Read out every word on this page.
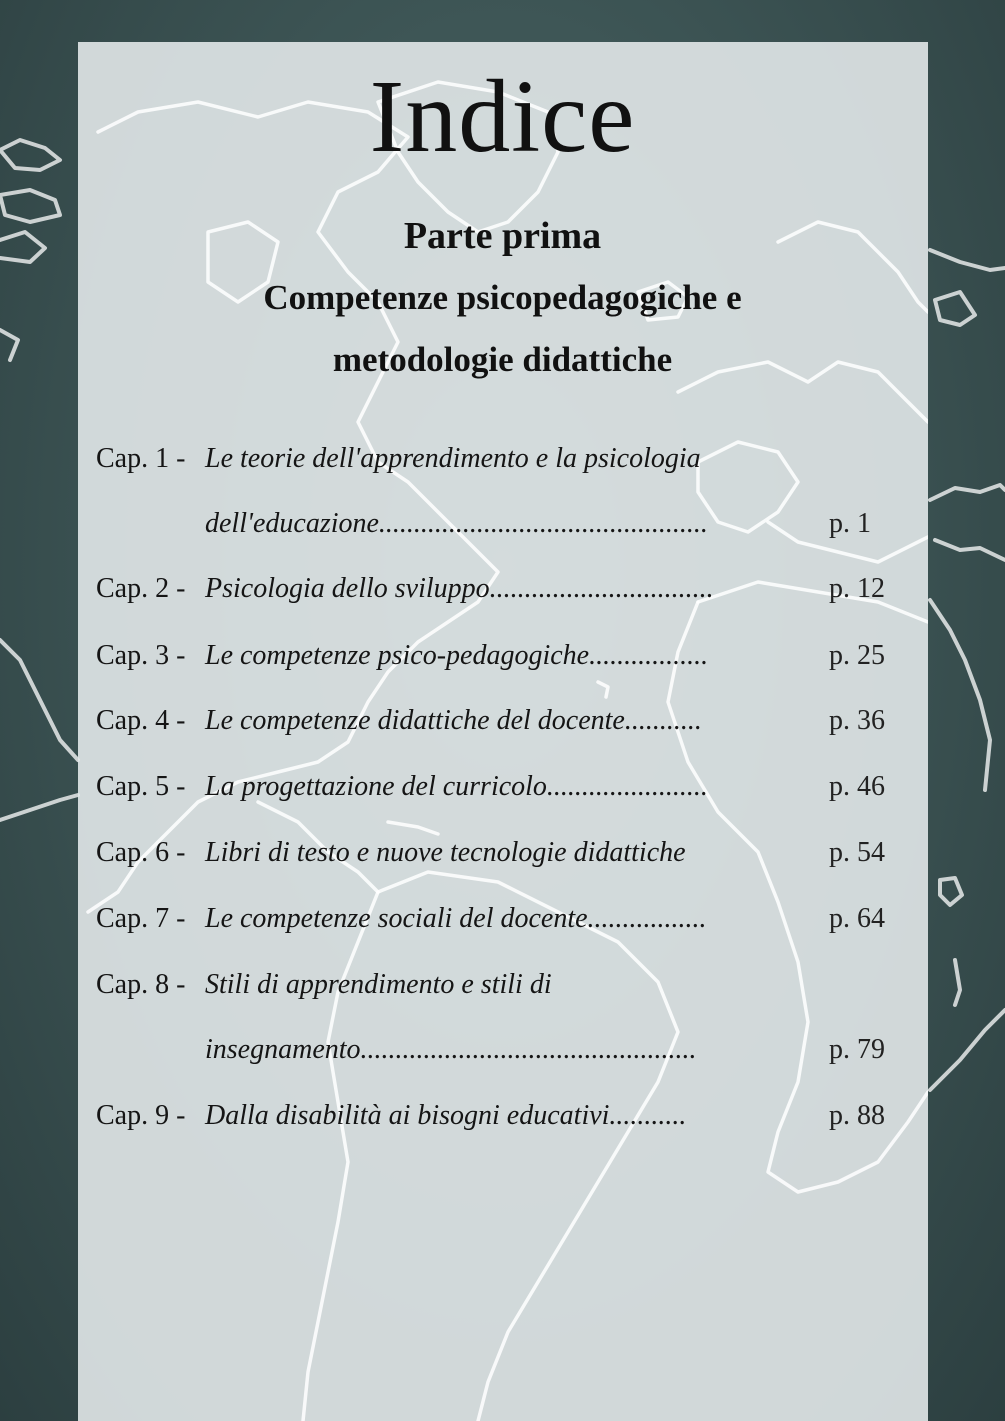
Indice
Parte prima
Competenze psicopedagogiche e
metodologie didattiche
Cap. 1 - Le teorie dell'apprendimento e la psicologia
dell'educazione...............................................	p. 1
Cap. 2 - Psicologia dello sviluppo................................	p. 12
Cap. 3 - Le competenze psico-pedagogiche.................	p. 25
Cap. 4 - Le competenze didattiche del docente...........	p. 36
Cap. 5 - La progettazione del curricolo.......................	p. 46
Cap. 6 - Libri di testo e nuove tecnologie didattiche	p. 54
Cap. 7 - Le competenze sociali del docente.................	p. 64
Cap. 8 - Stili di apprendimento e stili di
insegnamento................................................	p. 79
Cap. 9 - Dalla disabilità ai bisogni educativi...........	p. 88
